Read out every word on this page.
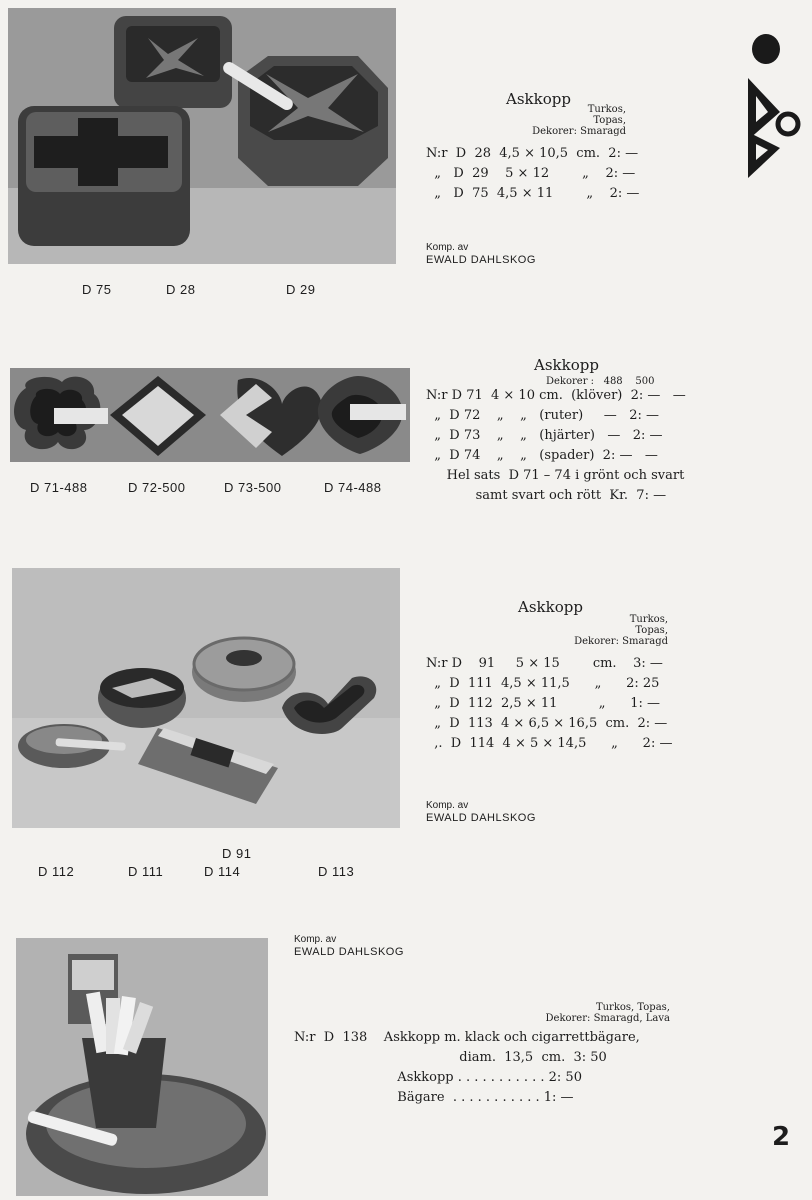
Askkopp
Turkos,
Topas,
Dekorer: Smaragd
N:r  D  28  4,5 × 10,5  cm.  2: —
„   D  29    5 × 12        „    2: —
„   D  75  4,5 × 11        „    2: —
Komp. av
EWALD DAHLSKOG
D 75	D 28	D 29
Askkopp
Dekorer :   488    500
N:r D 71  4 × 10 cm.  (klöver)  2: —   —
„  D 72    „    „   (ruter)     —   2: —
„  D 73    „    „   (hjärter)   —   2: —
„  D 74    „    „   (spader)  2: —   —
Hel sats  D 71 – 74 i grönt och svart
samt svart och rött  Kr.  7: —
D 71-488	D 72-500	D 73-500	D 74-488
Askkopp
Turkos,
Topas,
Dekorer: Smaragd
N:r D    91     5 × 15        cm.    3: —
„  D  111  4,5 × 11,5      „      2: 25
„  D  112  2,5 × 11          „      1: —
„  D  113  4 × 6,5 × 16,5  cm.  2: —
,.  D  114  4 × 5 × 14,5      „      2: —
Komp. av
EWALD DAHLSKOG
D 112	D 111
D 91
D 114	D 113
Komp. av
EWALD DAHLSKOG
Turkos, Topas,
Dekorer: Smaragd, Lava
N:r  D  138    Askkopp m. klack och cigarrettbägare,
diam.  13,5  cm.  3: 50
Askkopp . . . . . . . . . . . 2: 50
Bägare  . . . . . . . . . . . 1: —
2
